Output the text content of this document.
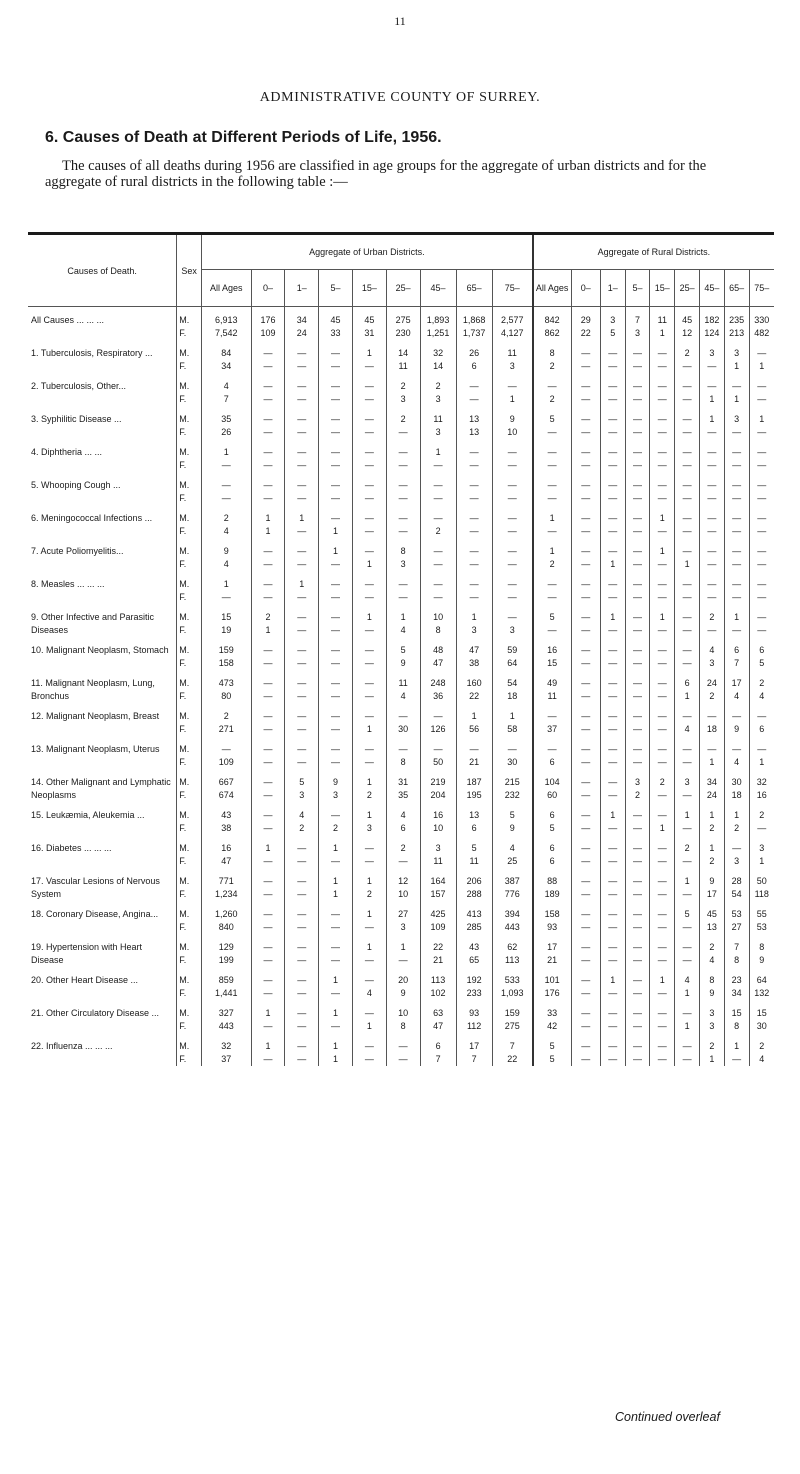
11
ADMINISTRATIVE COUNTY OF SURREY.
6. Causes of Death at Different Periods of Life, 1956.
The causes of all deaths during 1956 are classified in age groups for the aggregate of urban districts and for the aggregate of rural districts in the following table :—
Causes of Death.	Sex	Aggregate of Urban Districts.									Aggregate of Rural Districts.								
		All Ages	0–	1–	5–	15–	25–	45–	65–	75–	All Ages	0–	1–	5–	15–	25–	45–	65–	75–

All Causes ... ... ...	M.	6,913	176	34	45	45	275	1,893	1,868	2,577	842	29	3	7	11	45	182	235	330
	F.	7,542	109	24	33	31	230	1,251	1,737	4,127	862	22	5	3	1	12	124	213	482

1. Tuberculosis, Respiratory ...	M.	84	—	—	—	1	14	32	26	11	8	—	—	—	—	2	3	3	—
	F.	34	—	—	—	—	11	14	6	3	2	—	—	—	—	—	—	1	1

2. Tuberculosis, Other...	M.	4	—	—	—	—	2	2	—	—	—	—	—	—	—	—	—	—	—
	F.	7	—	—	—	—	3	3	—	1	2	—	—	—	—	—	1	1	—

3. Syphilitic Disease ...	M.	35	—	—	—	—	2	11	13	9	5	—	—	—	—	—	1	3	1
	F.	26	—	—	—	—	—	3	13	10	—	—	—	—	—	—	—	—	—

4. Diphtheria ... ...	M.	1	—	—	—	—	—	1	—	—	—	—	—	—	—	—	—	—	—
	F.	—	—	—	—	—	—	—	—	—	—	—	—	—	—	—	—	—	—

5. Whooping Cough ...	M.	—	—	—	—	—	—	—	—	—	—	—	—	—	—	—	—	—	—
	F.	—	—	—	—	—	—	—	—	—	—	—	—	—	—	—	—	—	—

6. Meningococcal Infections ...	M.	2	1	1	—	—	—	—	—	—	1	—	—	—	1	—	—	—	—
	F.	4	1	—	1	—	—	2	—	—	—	—	—	—	—	—	—	—	—

7. Acute Poliomyelitis...	M.	9	—	—	1	—	8	—	—	—	1	—	—	—	1	—	—	—	—
	F.	4	—	—	—	1	3	—	—	—	2	—	1	—	—	1	—	—	—

8. Measles ... ... ...	M.	1	—	1	—	—	—	—	—	—	—	—	—	—	—	—	—	—	—
	F.	—	—	—	—	—	—	—	—	—	—	—	—	—	—	—	—	—	—

9. Other Infective and Parasitic Diseases	M.	15	2	—	—	1	1	10	1	—	5	—	1	—	1	—	2	1	—
	F.	19	1	—	—	—	4	8	3	3	—	—	—	—	—	—	—	—	—

10. Malignant Neoplasm, Stomach	M.	159	—	—	—	—	5	48	47	59	16	—	—	—	—	—	4	6	6
	F.	158	—	—	—	—	9	47	38	64	15	—	—	—	—	—	3	7	5

11. Malignant Neoplasm, Lung, Bronchus	M.	473	—	—	—	—	11	248	160	54	49	—	—	—	—	6	24	17	2
	F.	80	—	—	—	—	4	36	22	18	11	—	—	—	—	1	2	4	4

12. Malignant Neoplasm, Breast	M.	2	—	—	—	—	—	—	1	1	—	—	—	—	—	—	—	—	—
	F.	271	—	—	—	1	30	126	56	58	37	—	—	—	—	4	18	9	6

13. Malignant Neoplasm, Uterus	M.	—	—	—	—	—	—	—	—	—	—	—	—	—	—	—	—	—	—
	F.	109	—	—	—	—	8	50	21	30	6	—	—	—	—	—	1	4	1

14. Other Malignant and Lymphatic Neoplasms	M.	667	—	5	9	1	31	219	187	215	104	—	—	3	2	3	34	30	32
	F.	674	—	3	3	2	35	204	195	232	60	—	—	2	—	—	24	18	16

15. Leukæmia, Aleukemia ...	M.	43	—	4	—	1	4	16	13	5	6	—	1	—	—	1	1	1	2
	F.	38	—	2	2	3	6	10	6	9	5	—	—	—	1	—	2	2	—

16. Diabetes ... ... ...	M.	16	1	—	1	—	2	3	5	4	6	—	—	—	—	2	1	—	3
	F.	47	—	—	—	—	—	11	11	25	6	—	—	—	—	—	2	3	1

17. Vascular Lesions of Nervous System	M.	771	—	—	1	1	12	164	206	387	88	—	—	—	—	1	9	28	50
	F.	1,234	—	—	1	2	10	157	288	776	189	—	—	—	—	—	17	54	118

18. Coronary Disease, Angina...	M.	1,260	—	—	—	1	27	425	413	394	158	—	—	—	—	5	45	53	55
	F.	840	—	—	—	—	3	109	285	443	93	—	—	—	—	—	13	27	53

19. Hypertension with Heart Disease	M.	129	—	—	—	1	1	22	43	62	17	—	—	—	—	—	2	7	8
	F.	199	—	—	—	—	—	21	65	113	21	—	—	—	—	—	4	8	9

20. Other Heart Disease ...	M.	859	—	—	1	—	20	113	192	533	101	—	1	—	1	4	8	23	64
	F.	1,441	—	—	—	4	9	102	233	1,093	176	—	—	—	—	1	9	34	132

21. Other Circulatory Disease ...	M.	327	1	—	1	—	10	63	93	159	33	—	—	—	—	—	3	15	15
	F.	443	—	—	—	1	8	47	112	275	42	—	—	—	—	1	3	8	30

22. Influenza ... ... ...	M.	32	1	—	1	—	—	6	17	7	5	—	—	—	—	—	2	1	2
	F.	37	—	—	1	—	—	7	7	22	5	—	—	—	—	—	1	—	4
Continued overleaf
